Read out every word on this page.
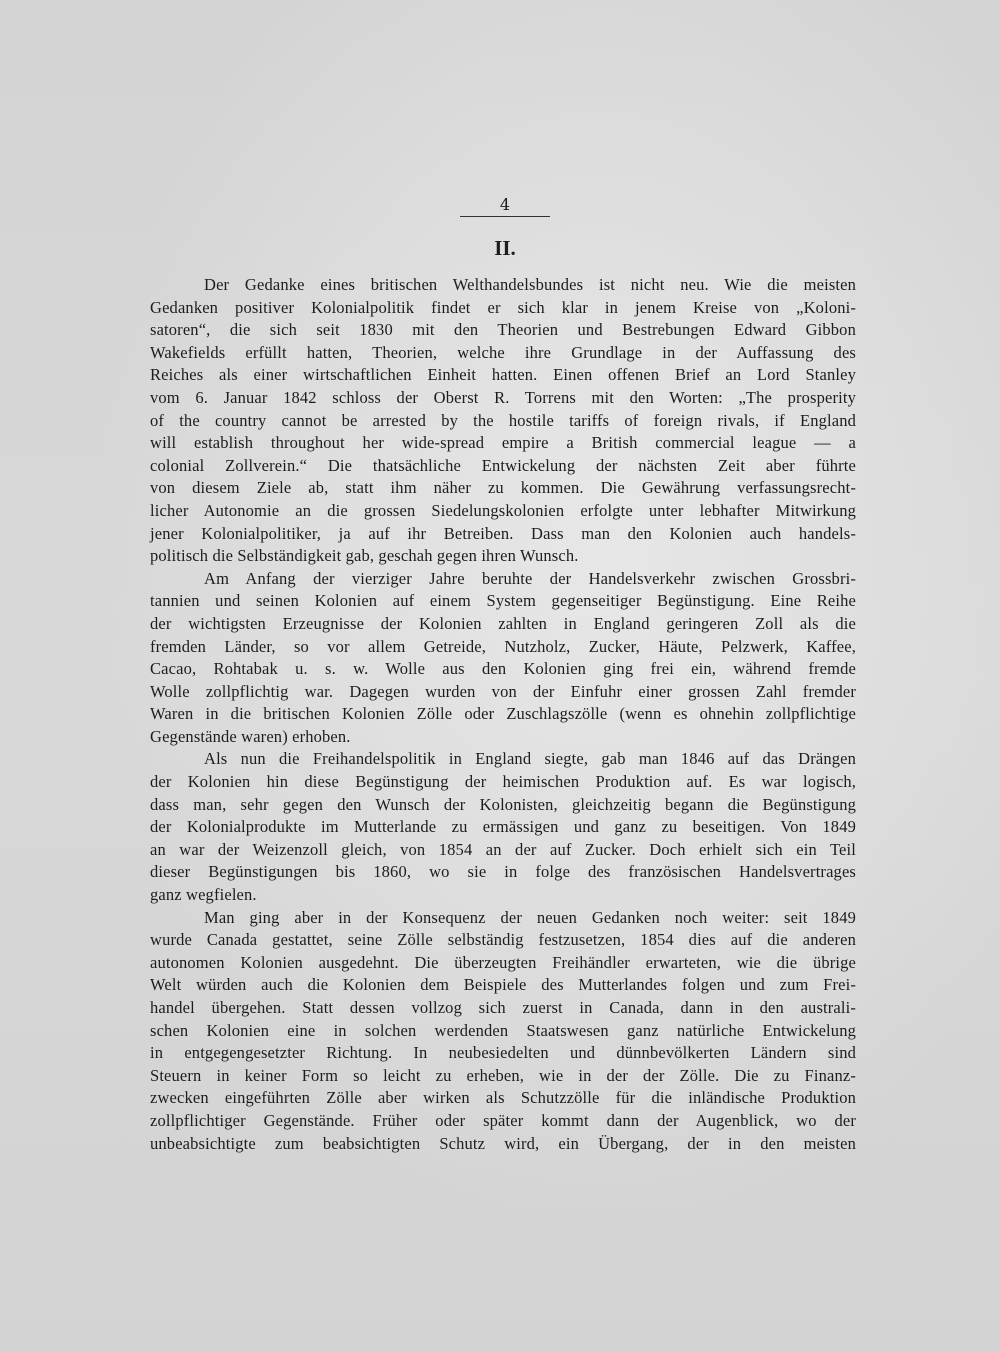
4
II.

Der Gedanke eines britischen Welthandelsbundes ist nicht neu. Wie die meisten
Gedanken positiver Kolonialpolitik findet er sich klar in jenem Kreise von „Koloni-
satoren“, die sich seit 1830 mit den Theorien und Bestrebungen Edward Gibbon
Wakefields erfüllt hatten, Theorien, welche ihre Grundlage in der Auffassung des
Reiches als einer wirtschaftlichen Einheit hatten. Einen offenen Brief an Lord Stanley
vom 6. Januar 1842 schloss der Oberst R. Torrens mit den Worten: „The prosperity
of the country cannot be arrested by the hostile tariffs of foreign rivals, if England
will establish throughout her wide-spread empire a British commercial league — a
colonial Zollverein.“ Die thatsächliche Entwickelung der nächsten Zeit aber führte
von diesem Ziele ab, statt ihm näher zu kommen. Die Gewährung verfassungsrecht-
licher Autonomie an die grossen Siedelungskolonien erfolgte unter lebhafter Mitwirkung
jener Kolonialpolitiker, ja auf ihr Betreiben. Dass man den Kolonien auch handels-
politisch die Selbständigkeit gab, geschah gegen ihren Wunsch.

Am Anfang der vierziger Jahre beruhte der Handelsverkehr zwischen Grossbri-
tannien und seinen Kolonien auf einem System gegenseitiger Begünstigung. Eine Reihe
der wichtigsten Erzeugnisse der Kolonien zahlten in England geringeren Zoll als die
fremden Länder, so vor allem Getreide, Nutzholz, Zucker, Häute, Pelzwerk, Kaffee,
Cacao, Rohtabak u. s. w. Wolle aus den Kolonien ging frei ein, während fremde
Wolle zollpflichtig war. Dagegen wurden von der Einfuhr einer grossen Zahl fremder
Waren in die britischen Kolonien Zölle oder Zuschlagszölle (wenn es ohnehin zollpflichtige
Gegenstände waren) erhoben.

Als nun die Freihandelspolitik in England siegte, gab man 1846 auf das Drängen
der Kolonien hin diese Begünstigung der heimischen Produktion auf. Es war logisch,
dass man, sehr gegen den Wunsch der Kolonisten, gleichzeitig begann die Begünstigung
der Kolonialprodukte im Mutterlande zu ermässigen und ganz zu beseitigen. Von 1849
an war der Weizenzoll gleich, von 1854 an der auf Zucker. Doch erhielt sich ein Teil
dieser Begünstigungen bis 1860, wo sie in folge des französischen Handelsvertrages
ganz wegfielen.

Man ging aber in der Konsequenz der neuen Gedanken noch weiter: seit 1849
wurde Canada gestattet, seine Zölle selbständig festzusetzen, 1854 dies auf die anderen
autonomen Kolonien ausgedehnt. Die überzeugten Freihändler erwarteten, wie die übrige
Welt würden auch die Kolonien dem Beispiele des Mutterlandes folgen und zum Frei-
handel übergehen. Statt dessen vollzog sich zuerst in Canada, dann in den australi-
schen Kolonien eine in solchen werdenden Staatswesen ganz natürliche Entwickelung
in entgegengesetzter Richtung. In neubesiedelten und dünnbevölkerten Ländern sind
Steuern in keiner Form so leicht zu erheben, wie in der der Zölle. Die zu Finanz-
zwecken eingeführten Zölle aber wirken als Schutzzölle für die inländische Produktion
zollpflichtiger Gegenstände. Früher oder später kommt dann der Augenblick, wo der
unbeabsichtigte zum beabsichtigten Schutz wird, ein Übergang, der in den meisten
